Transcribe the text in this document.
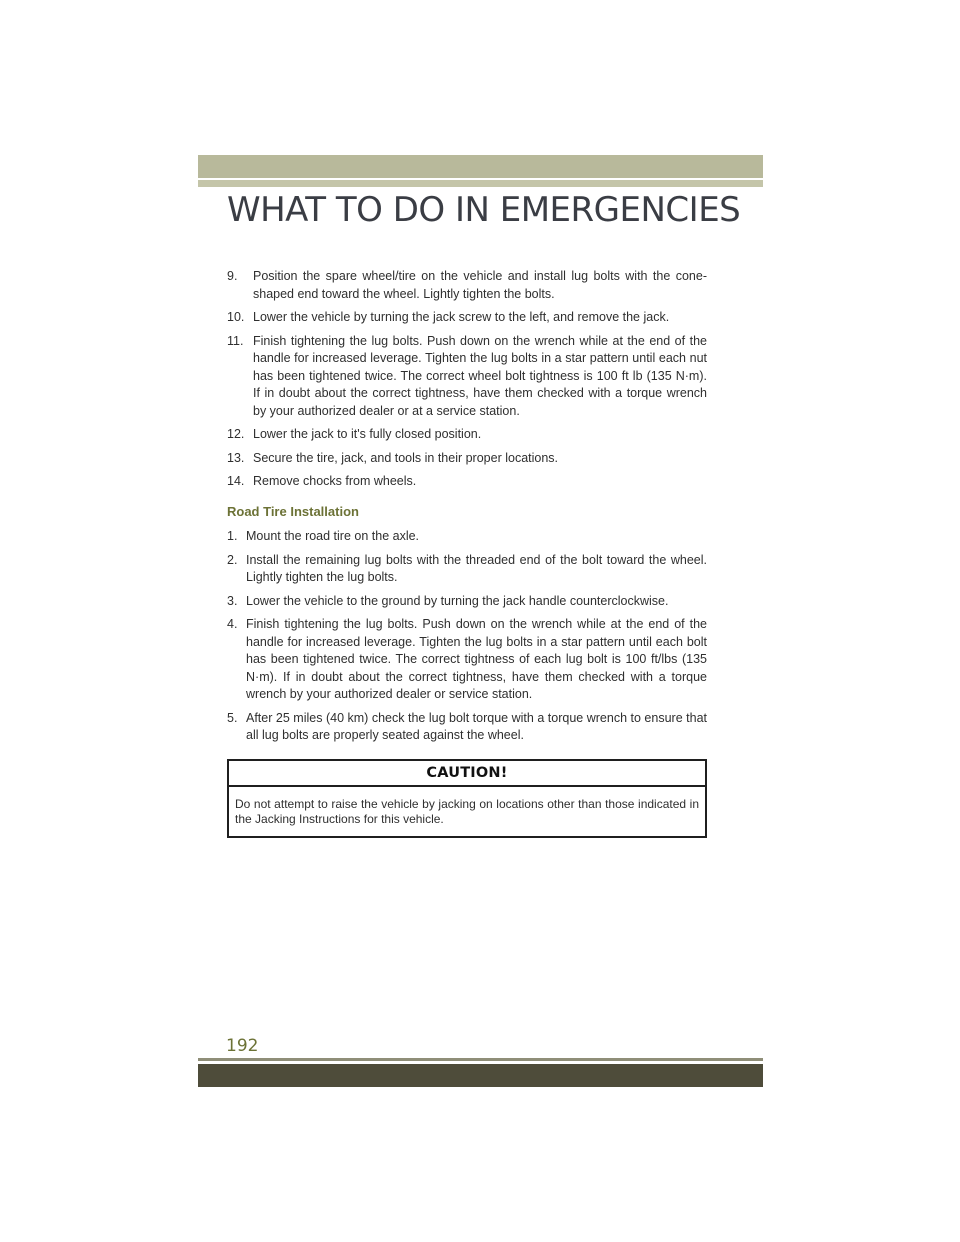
WHAT TO DO IN EMERGENCIES
9.	Position the spare wheel/tire on the vehicle and install lug bolts with the cone-shaped end toward the wheel. Lightly tighten the bolts.
10. Lower the vehicle by turning the jack screw to the left, and remove the jack.
11. Finish tightening the lug bolts. Push down on the wrench while at the end of the handle for increased leverage. Tighten the lug bolts in a star pattern until each nut has been tightened twice. The correct wheel bolt tightness is 100 ft lb (135 N·m). If in doubt about the correct tightness, have them checked with a torque wrench by your authorized dealer or at a service station.
12. Lower the jack to it's fully closed position.
13. Secure the tire, jack, and tools in their proper locations.
14. Remove chocks from wheels.
Road Tire Installation
1. Mount the road tire on the axle.
2. Install the remaining lug bolts with the threaded end of the bolt toward the wheel. Lightly tighten the lug bolts.
3. Lower the vehicle to the ground by turning the jack handle counterclockwise.
4. Finish tightening the lug bolts. Push down on the wrench while at the end of the handle for increased leverage. Tighten the lug bolts in a star pattern until each bolt has been tightened twice. The correct tightness of each lug bolt is 100 ft/lbs (135 N·m). If in doubt about the correct tightness, have them checked with a torque wrench by your authorized dealer or service station.
5. After 25 miles (40 km) check the lug bolt torque with a torque wrench to ensure that all lug bolts are properly seated against the wheel.
CAUTION!
Do not attempt to raise the vehicle by jacking on locations other than those indicated in the Jacking Instructions for this vehicle.
192
